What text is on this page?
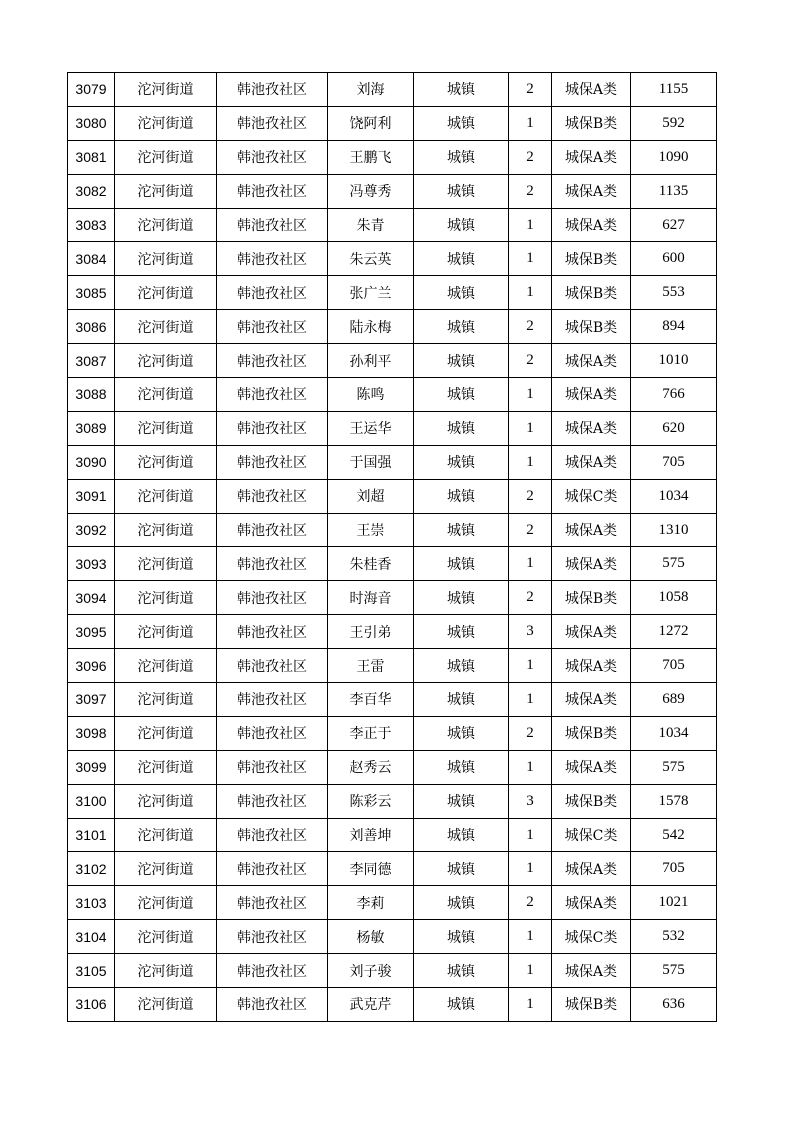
3079	沱河街道	韩池孜社区	刘海	城镇	2	城保A类	1155
3080	沱河街道	韩池孜社区	饶阿利	城镇	1	城保B类	592
3081	沱河街道	韩池孜社区	王鹏飞	城镇	2	城保A类	1090
3082	沱河街道	韩池孜社区	冯尊秀	城镇	2	城保A类	1135
3083	沱河街道	韩池孜社区	朱青	城镇	1	城保A类	627
3084	沱河街道	韩池孜社区	朱云英	城镇	1	城保B类	600
3085	沱河街道	韩池孜社区	张广兰	城镇	1	城保B类	553
3086	沱河街道	韩池孜社区	陆永梅	城镇	2	城保B类	894
3087	沱河街道	韩池孜社区	孙利平	城镇	2	城保A类	1010
3088	沱河街道	韩池孜社区	陈鸣	城镇	1	城保A类	766
3089	沱河街道	韩池孜社区	王运华	城镇	1	城保A类	620
3090	沱河街道	韩池孜社区	于国强	城镇	1	城保A类	705
3091	沱河街道	韩池孜社区	刘超	城镇	2	城保C类	1034
3092	沱河街道	韩池孜社区	王崇	城镇	2	城保A类	1310
3093	沱河街道	韩池孜社区	朱桂香	城镇	1	城保A类	575
3094	沱河街道	韩池孜社区	时海音	城镇	2	城保B类	1058
3095	沱河街道	韩池孜社区	王引弟	城镇	3	城保A类	1272
3096	沱河街道	韩池孜社区	王雷	城镇	1	城保A类	705
3097	沱河街道	韩池孜社区	李百华	城镇	1	城保A类	689
3098	沱河街道	韩池孜社区	李正于	城镇	2	城保B类	1034
3099	沱河街道	韩池孜社区	赵秀云	城镇	1	城保A类	575
3100	沱河街道	韩池孜社区	陈彩云	城镇	3	城保B类	1578
3101	沱河街道	韩池孜社区	刘善坤	城镇	1	城保C类	542
3102	沱河街道	韩池孜社区	李同德	城镇	1	城保A类	705
3103	沱河街道	韩池孜社区	李莉	城镇	2	城保A类	1021
3104	沱河街道	韩池孜社区	杨敏	城镇	1	城保C类	532
3105	沱河街道	韩池孜社区	刘子骏	城镇	1	城保A类	575
3106	沱河街道	韩池孜社区	武克芹	城镇	1	城保B类	636
